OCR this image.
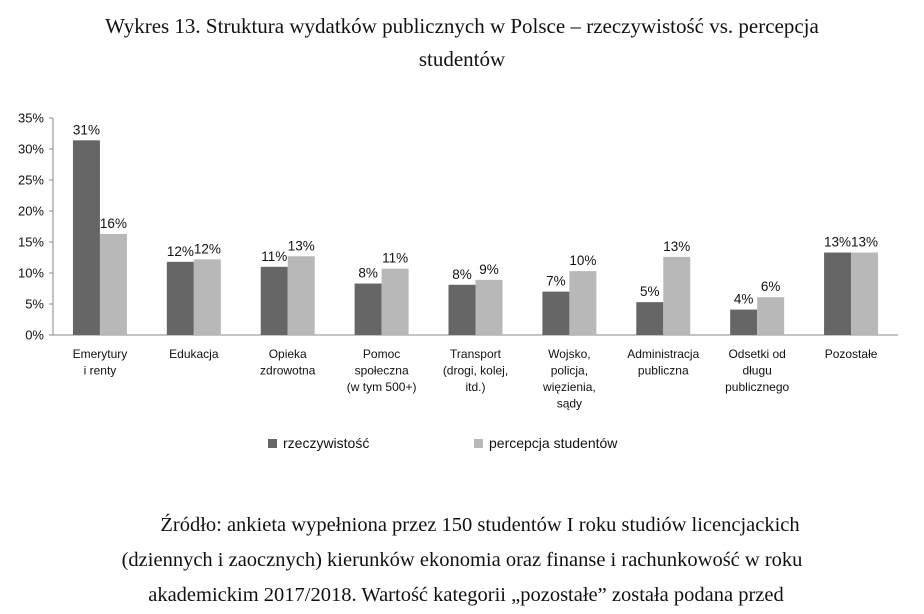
Wykres 13. Struktura wydatków publicznych w Polsce – rzeczywistość vs. percepcja
studentów
0%
5%
10%
15%
20%
25%
30%
35%
31%
16%
Emerytury
i renty
12% 12%
Edukacja
11%
13%
Opieka
zdrowotna
8%
11%
Pomoc
społeczna
(w tym 500+)
8% 9%
Transport
(drogi, kolej,
itd.)
7%
10%
Wojsko,
policja,
więzienia,
sądy
5%
13%
Administracja
publiczna
4%
6%
Odsetki od
długu
publicznego
13% 13%
Pozostałe
rzeczywistość	percepcja studentów
Źródło: ankieta wypełniona przez 150 studentów I roku studiów licencjackich
(dziennych i zaocznych) kierunków ekonomia oraz finanse i rachunkowość w roku
akademickim 2017/2018. Wartość kategorii „pozostałe” została podana przed
